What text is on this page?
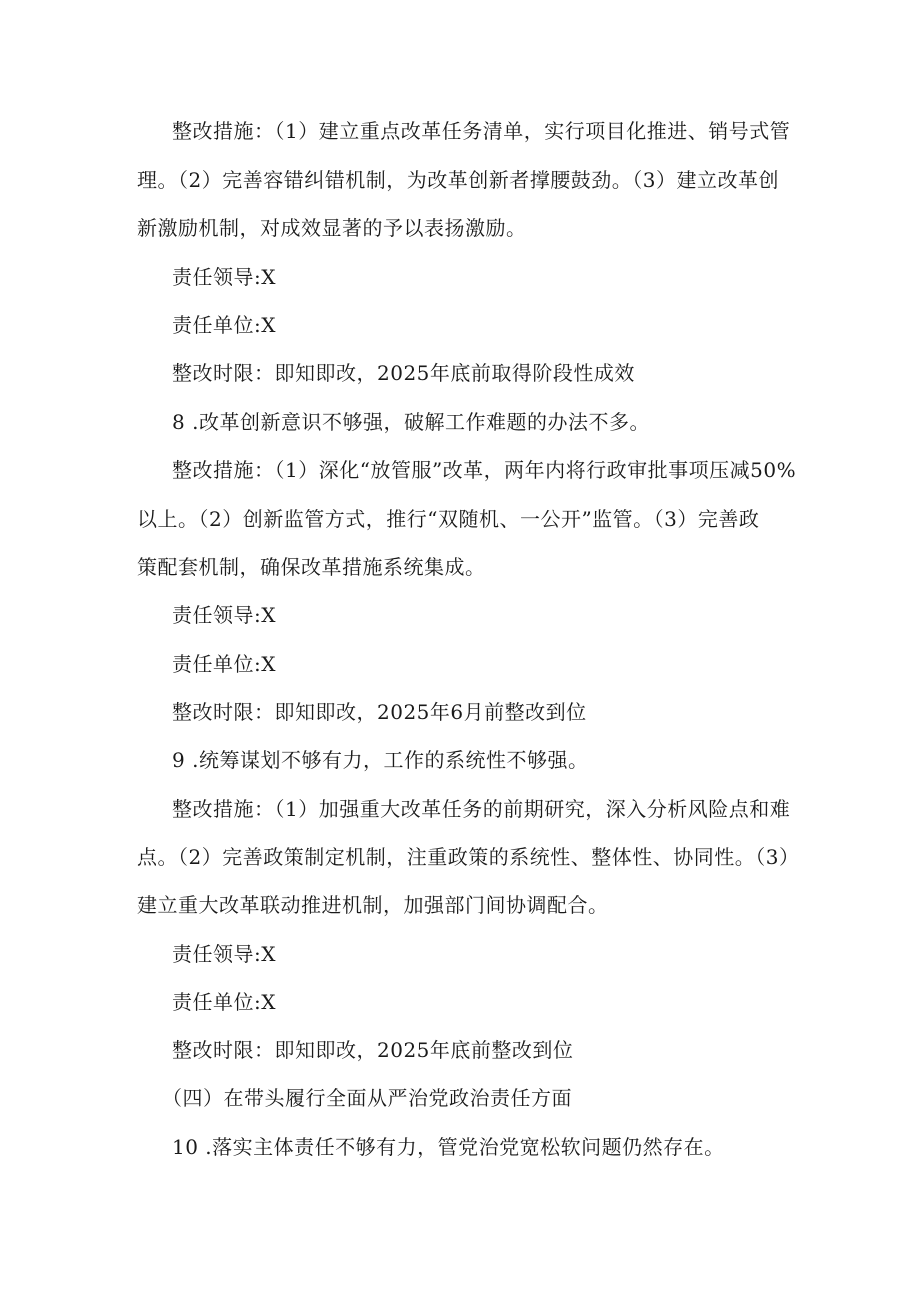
整改措施：（1）建立重点改革任务清单，实行项目化推进、销号式管
理。（2）完善容错纠错机制，为改革创新者撑腰鼓劲。（3）建立改革创
新激励机制，对成效显著的予以表扬激励。
责任领导:X
责任单位:X
整改时限：即知即改，2025年底前取得阶段性成效
8 .改革创新意识不够强，破解工作难题的办法不多。
整改措施：（1）深化“放管服”改革，两年内将行政审批事项压减50%
以上。（2）创新监管方式，推行“双随机、一公开”监管。（3）完善政
策配套机制，确保改革措施系统集成。
责任领导:X
责任单位:X
整改时限：即知即改，2025年6月前整改到位
9 .统筹谋划不够有力，工作的系统性不够强。
整改措施：（1）加强重大改革任务的前期研究，深入分析风险点和难
点。（2）完善政策制定机制，注重政策的系统性、整体性、协同性。（3）
建立重大改革联动推进机制，加强部门间协调配合。
责任领导:X
责任单位:X
整改时限：即知即改，2025年底前整改到位
（四）在带头履行全面从严治党政治责任方面
10 .落实主体责任不够有力，管党治党宽松软问题仍然存在。
